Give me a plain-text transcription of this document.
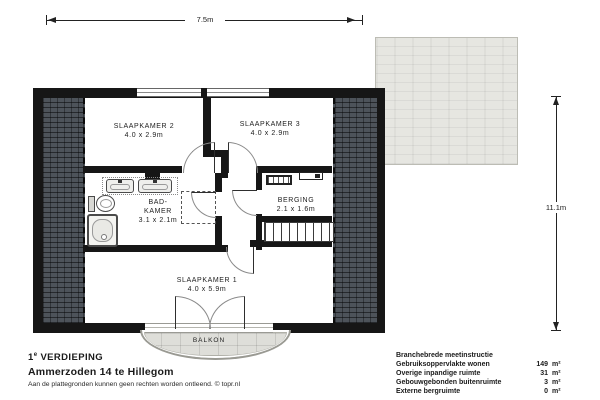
7.5m
11.1m
SLAAPKAMER 2
4.0 x 2.9m
SLAAPKAMER 3
4.0 x 2.9m
BAD-
KAMER
3.1 x 2.1m
BERGING
2.1 x 1.6m
SLAAPKAMER 1
4.0 x 5.9m
BALKON
1e VERDIEPING
Ammerzoden 14 te Hillegom
Aan de plattegronden kunnen geen rechten worden ontleend. © topr.nl
Branchebrede meetinstructie
Gebruiksoppervlakte wonen	149 m²
Overige inpandige ruimte	31 m²
Gebouwgebonden buitenruimte	3 m²
Externe bergruimte	0 m²
